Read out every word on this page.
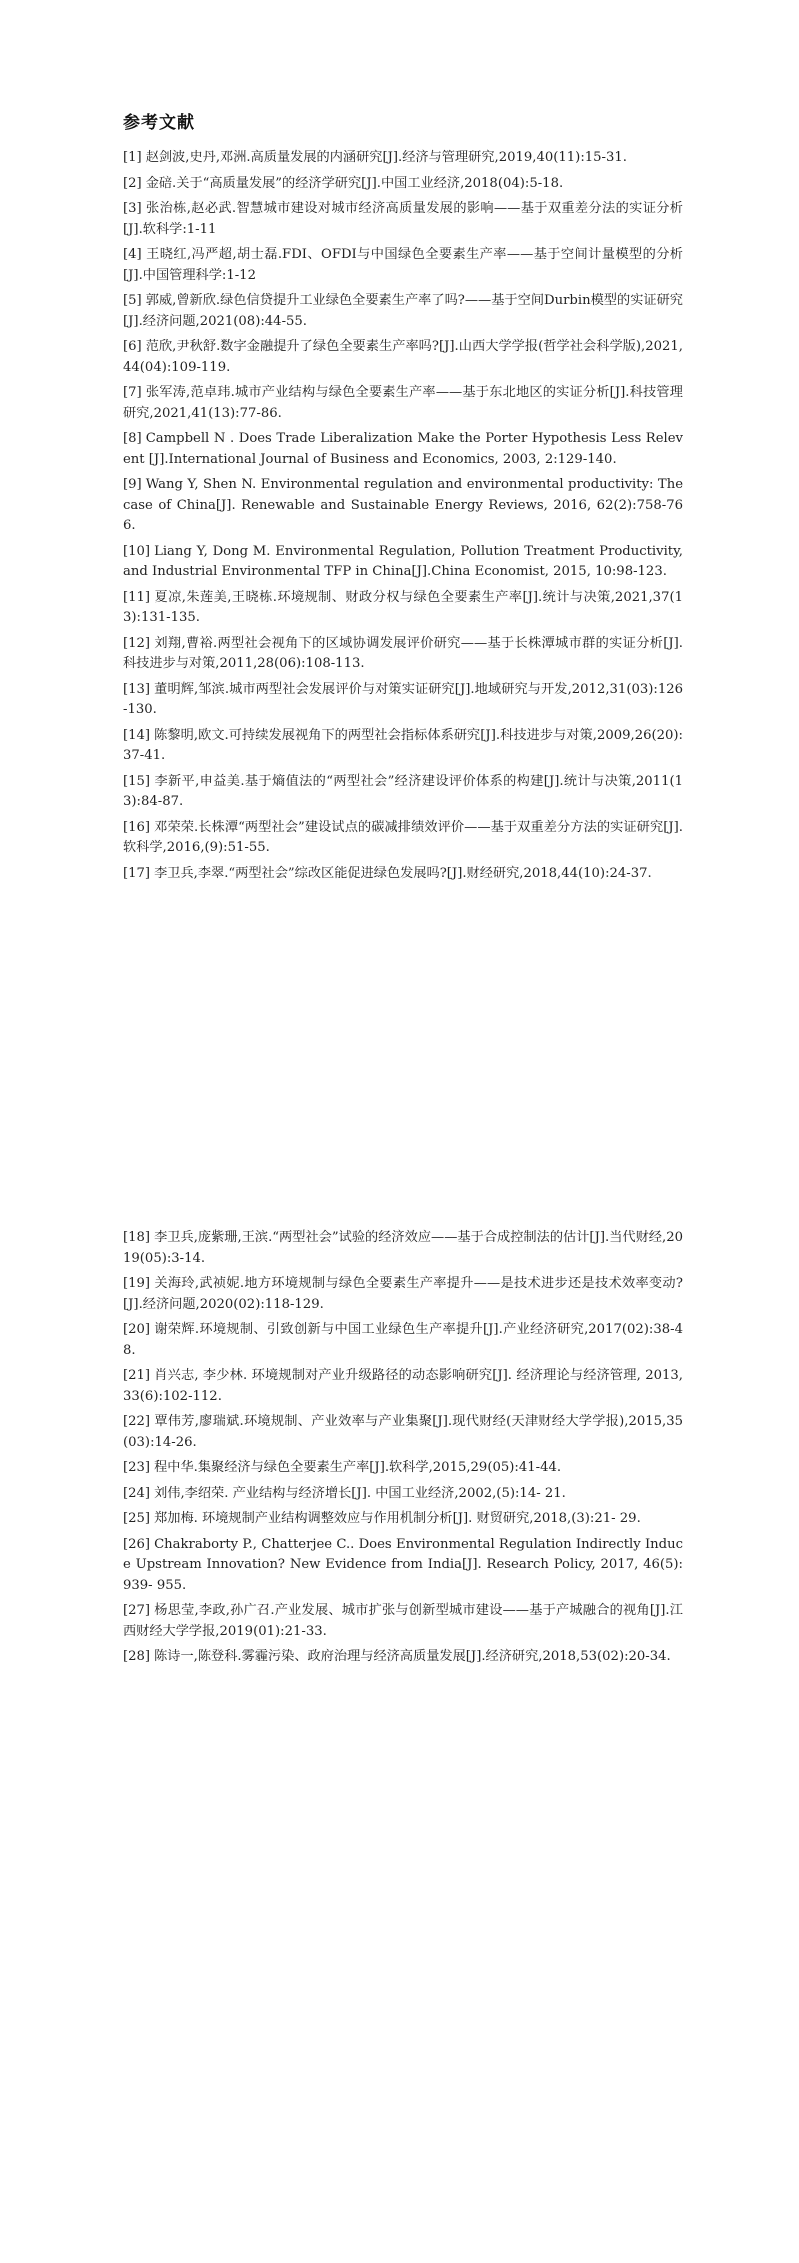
参考文献
[1] 赵剑波,史丹,邓洲.高质量发展的内涵研究[J].经济与管理研究,2019,40(11):15-31.
[2] 金碚.关于“高质量发展”的经济学研究[J].中国工业经济,2018(04):5-18.
[3] 张治栋,赵必武.智慧城市建设对城市经济高质量发展的影响——基于双重差分法的实证分析[J].软科学:1-11
[4] 王晓红,冯严超,胡士磊.FDI、OFDI与中国绿色全要素生产率——基于空间计量模型的分析[J].中国管理科学:1-12
[5] 郭威,曾新欣.绿色信贷提升工业绿色全要素生产率了吗?——基于空间Durbin模型的实证研究[J].经济问题,2021(08):44-55.
[6] 范欣,尹秋舒.数字金融提升了绿色全要素生产率吗?[J].山西大学学报(哲学社会科学版),2021,44(04):109-119.
[7] 张军涛,范卓玮.城市产业结构与绿色全要素生产率——基于东北地区的实证分析[J].科技管理研究,2021,41(13):77-86.
[8] Campbell N . Does Trade Liberalization Make the Porter Hypothesis Less Relevent [J].International Journal of Business and Economics, 2003, 2:129-140.
[9] Wang Y, Shen N. Environmental regulation and environmental productivity: The case of China[J]. Renewable and Sustainable Energy Reviews, 2016, 62(2):758-766.
[10] Liang Y, Dong M. Environmental Regulation, Pollution Treatment Productivity, and Industrial Environmental TFP in China[J].China Economist, 2015, 10:98-123.
[11] 夏凉,朱莲美,王晓栋.环境规制、财政分权与绿色全要素生产率[J].统计与决策,2021,37(13):131-135.
[12] 刘翔,曹裕.两型社会视角下的区域协调发展评价研究——基于长株潭城市群的实证分析[J].科技进步与对策,2011,28(06):108-113.
[13] 董明辉,邹滨.城市两型社会发展评价与对策实证研究[J].地域研究与开发,2012,31(03):126-130.
[14] 陈黎明,欧文.可持续发展视角下的两型社会指标体系研究[J].科技进步与对策,2009,26(20):37-41.
[15] 李新平,申益美.基于熵值法的“两型社会”经济建设评价体系的构建[J].统计与决策,2011(13):84-87.
[16] 邓荣荣.长株潭“两型社会”建设试点的碳减排绩效评价——基于双重差分方法的实证研究[J].软科学,2016,(9):51-55.
[17] 李卫兵,李翠.“两型社会”综改区能促进绿色发展吗?[J].财经研究,2018,44(10):24-37.
[18] 李卫兵,庞紫珊,王滨.“两型社会”试验的经济效应——基于合成控制法的估计[J].当代财经,2019(05):3-14.
[19] 关海玲,武祯妮.地方环境规制与绿色全要素生产率提升——是技术进步还是技术效率变动?[J].经济问题,2020(02):118-129.
[20] 谢荣辉.环境规制、引致创新与中国工业绿色生产率提升[J].产业经济研究,2017(02):38-48.
[21] 肖兴志, 李少林. 环境规制对产业升级路径的动态影响研究[J]. 经济理论与经济管理, 2013, 33(6):102-112.
[22] 覃伟芳,廖瑞斌.环境规制、产业效率与产业集聚[J].现代财经(天津财经大学学报),2015,35(03):14-26.
[23] 程中华.集聚经济与绿色全要素生产率[J].软科学,2015,29(05):41-44.
[24] 刘伟,李绍荣. 产业结构与经济增长[J]. 中国工业经济,2002,(5):14- 21.
[25] 郑加梅. 环境规制产业结构调整效应与作用机制分析[J]. 财贸研究,2018,(3):21- 29.
[26] Chakraborty P., Chatterjee C.. Does Environmental Regulation Indirectly Induce Upstream Innovation? New Evidence from India[J]. Research Policy, 2017, 46(5): 939- 955.
[27] 杨思莹,李政,孙广召.产业发展、城市扩张与创新型城市建设——基于产城融合的视角[J].江西财经大学学报,2019(01):21-33.
[28] 陈诗一,陈登科.雾霾污染、政府治理与经济高质量发展[J].经济研究,2018,53(02):20-34.
